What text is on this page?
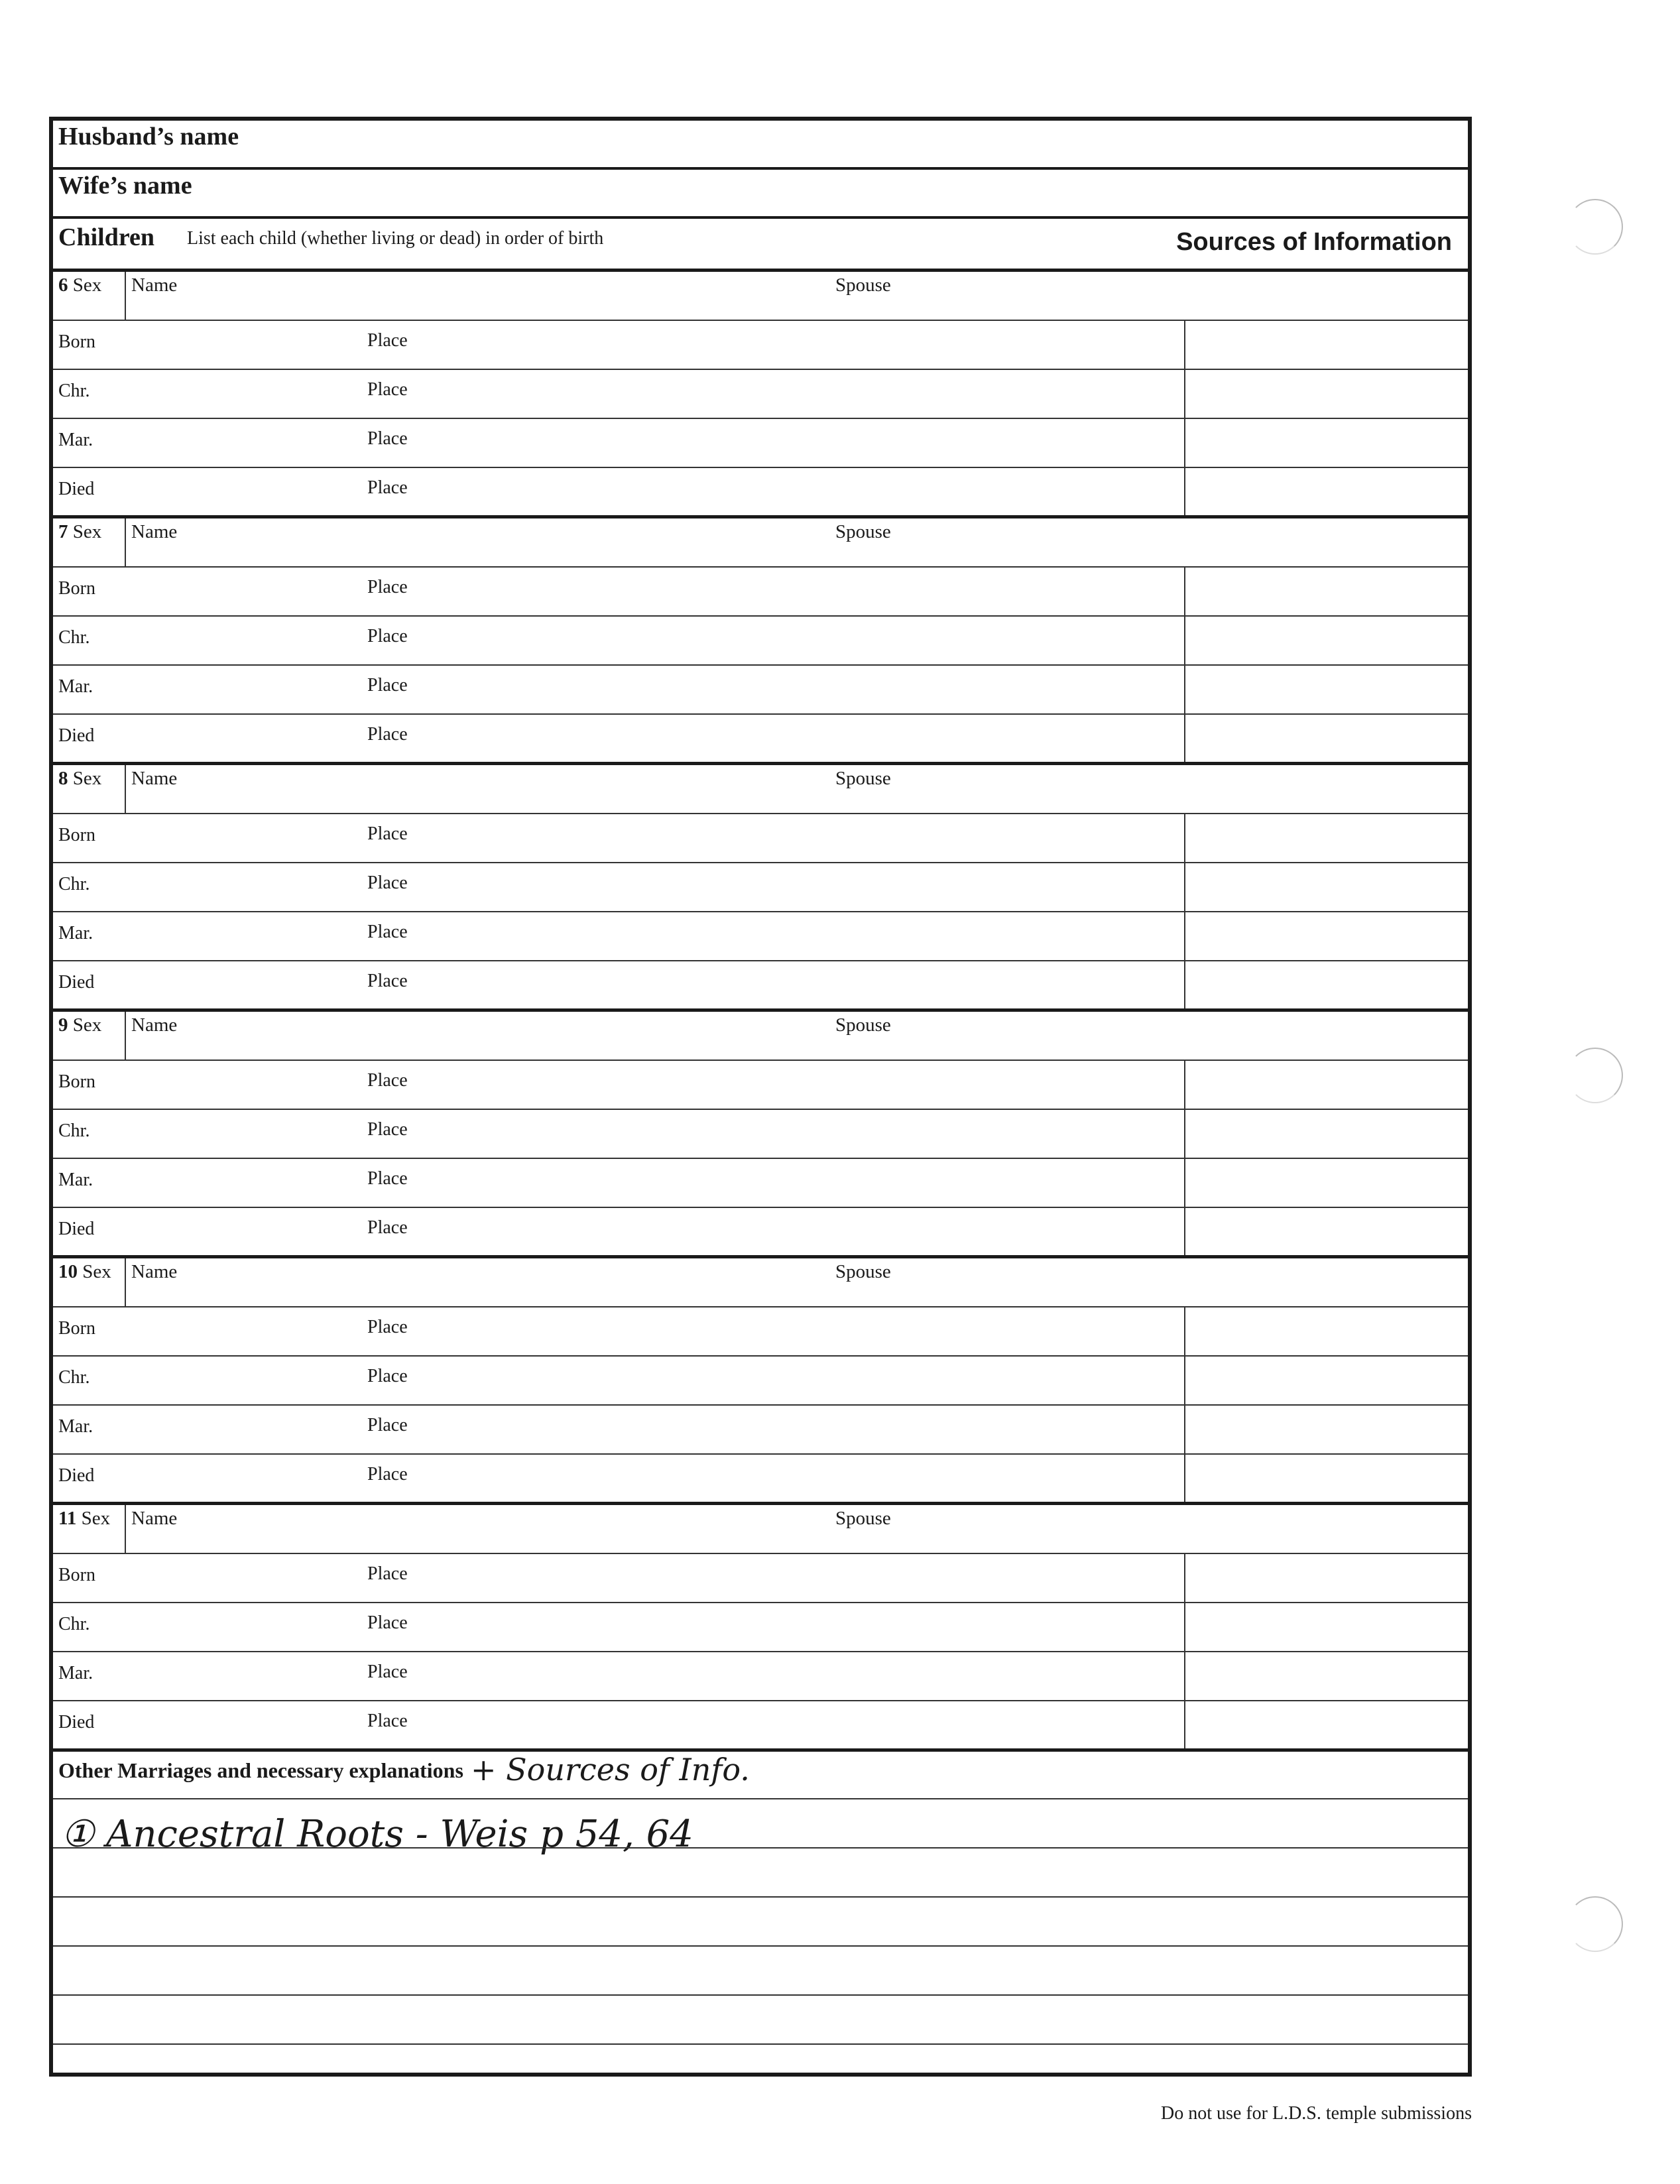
Husband’s name
Wife’s name
Children List each child (whether living or dead) in order of birth	Sources of Information
6 Sex Name	Spouse
Born	Place
Chr.	Place
Mar.	Place
Died	Place
7 Sex Name	Spouse
Born	Place
Chr.	Place
Mar.	Place
Died	Place
8 Sex Name	Spouse
Born	Place
Chr.	Place
Mar.	Place
Died	Place
9 Sex Name	Spouse
Born	Place
Chr.	Place
Mar.	Place
Died	Place
10 Sex Name	Spouse
Born	Place
Chr.	Place
Mar.	Place
Died	Place
11 Sex Name	Spouse
Born	Place
Chr.	Place
Mar.	Place
Died	Place
Other Marriages and necessary explanations + Sources of Info.
① Ancestral Roots - Weis p 54, 64
Do not use for L.D.S. temple submissions
